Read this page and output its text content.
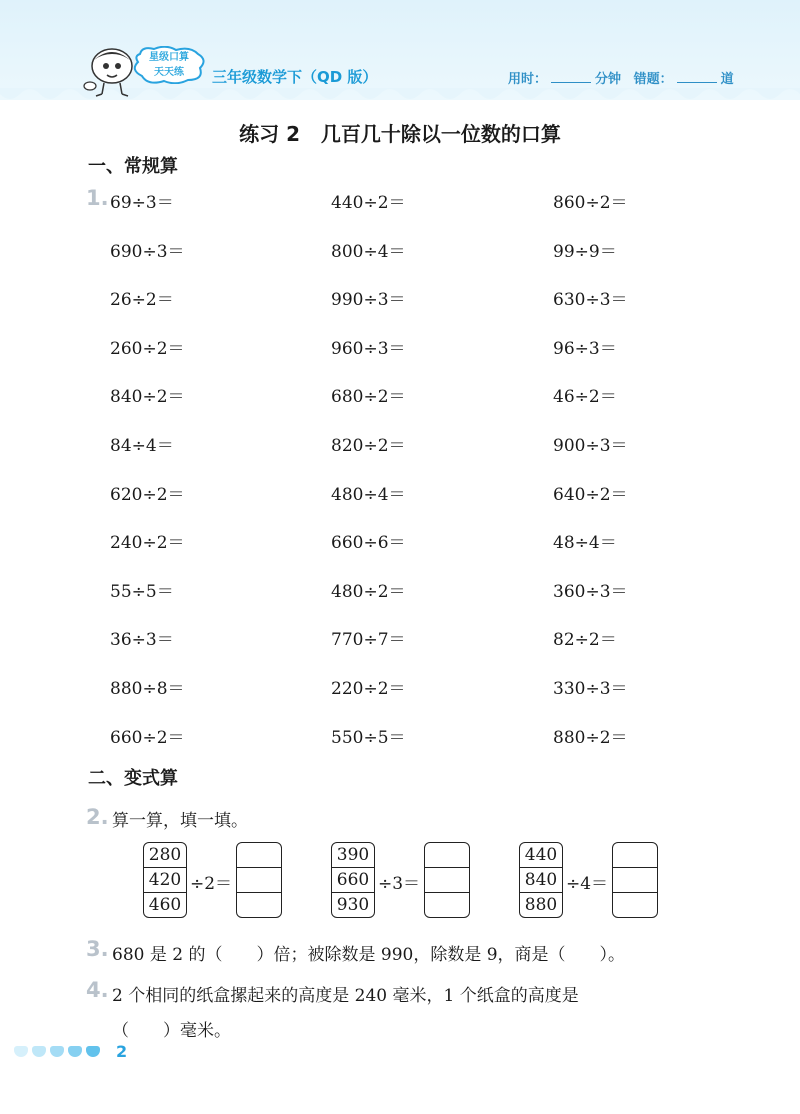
星级口算
天天练	三年级数学下（QD 版）	用时：	分钟 错题：	道
练习 2   几百几十除以一位数的口算
一、常规算
1. 69÷3＝	440÷2＝	860÷2＝
690÷3＝	800÷4＝	99÷9＝
26÷2＝	990÷3＝	630÷3＝
260÷2＝	960÷3＝	96÷3＝
840÷2＝	680÷2＝	46÷2＝
84÷4＝	820÷2＝	900÷3＝
620÷2＝	480÷4＝	640÷2＝
240÷2＝	660÷6＝	48÷4＝
55÷5＝	480÷2＝	360÷3＝
36÷3＝	770÷7＝	82÷2＝
880÷8＝	220÷2＝	330÷3＝
660÷2＝	550÷5＝	880÷2＝
二、变式算
2. 算一算，填一填。
280
420
460
÷2＝
390
660
930
÷3＝
440
840
880
÷4＝
3. 680 是 2 的（　　）倍；被除数是 990，除数是 9，商是（　　）。
4. 2 个相同的纸盒摞起来的高度是 240 毫米，1 个纸盒的高度是
（　　）毫米。
2
